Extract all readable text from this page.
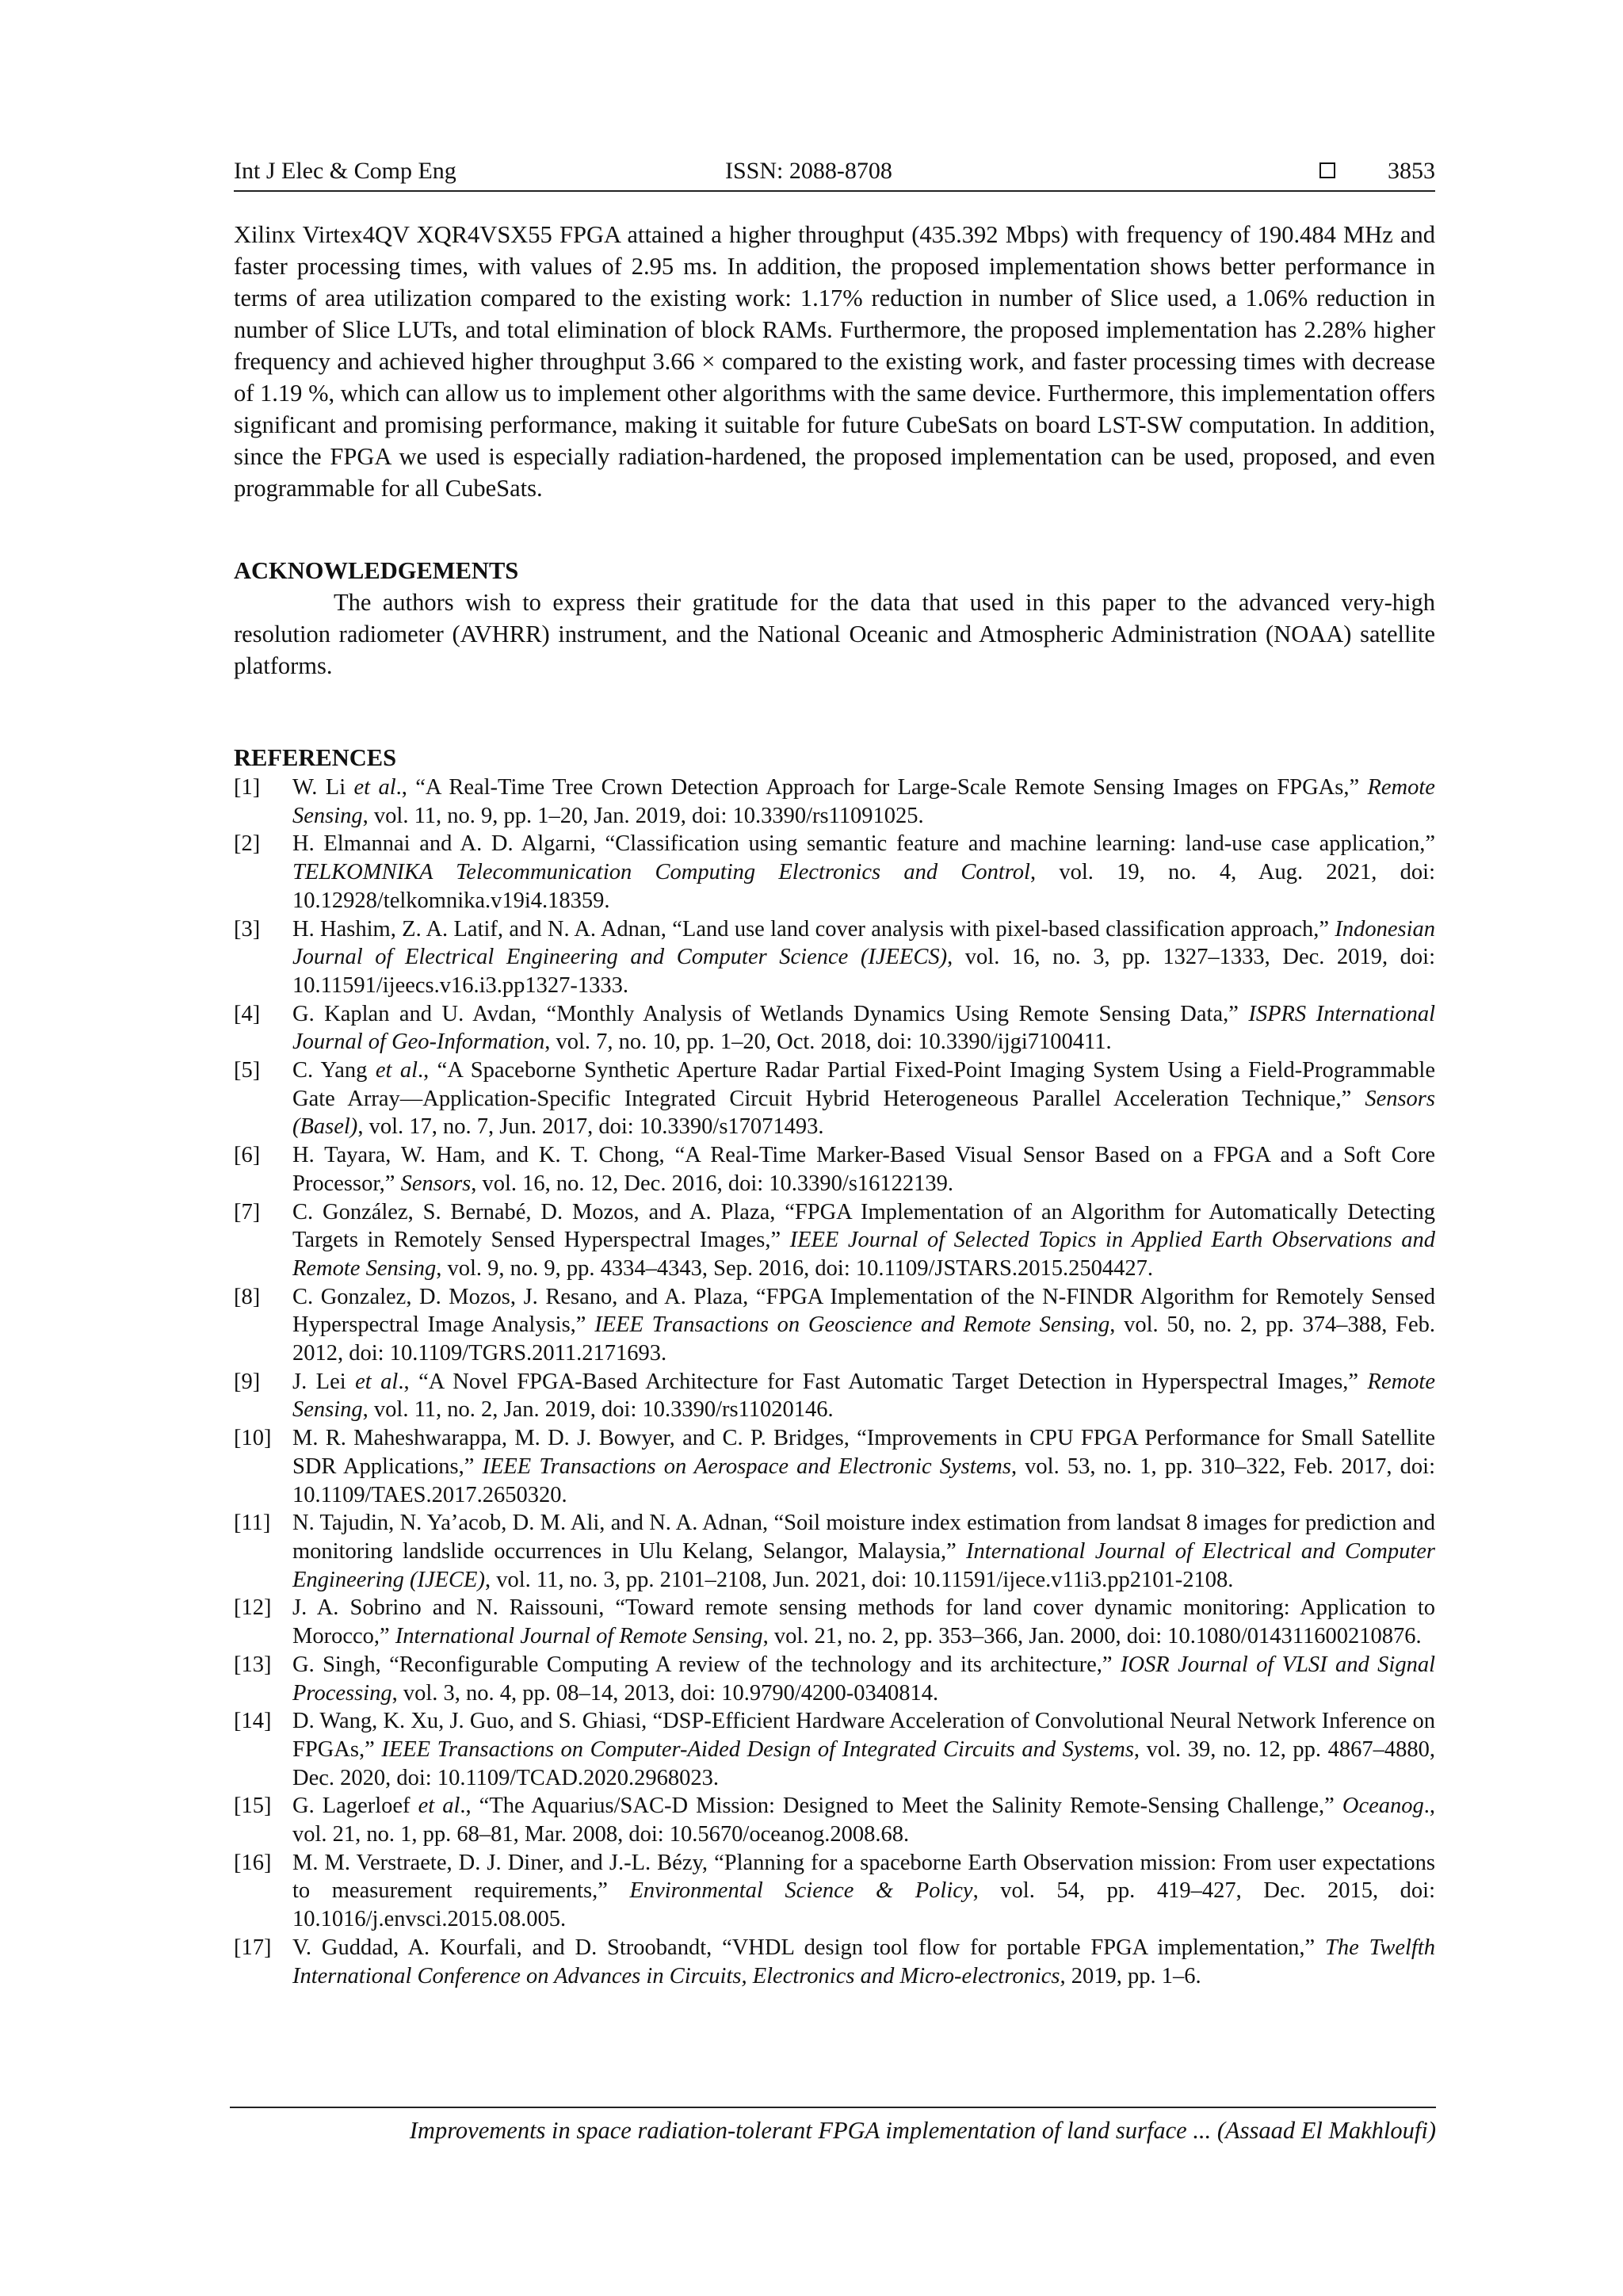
Int J Elec & Comp Eng	ISSN: 2088-8708	3853

Xilinx Virtex4QV XQR4VSX55 FPGA attained a higher throughput (435.392 Mbps) with frequency of 190.484 MHz and faster processing times, with values of 2.95 ms. In addition, the proposed implementation shows better performance in terms of area utilization compared to the existing work: 1.17% reduction in number of Slice used, a 1.06% reduction in number of Slice LUTs, and total elimination of block RAMs. Furthermore, the proposed implementation has 2.28% higher frequency and achieved higher throughput 3.66 × compared to the existing work, and faster processing times with decrease of 1.19 %, which can allow us to implement other algorithms with the same device. Furthermore, this implementation offers significant and promising performance, making it suitable for future CubeSats on board LST-SW computation. In addition, since the FPGA we used is especially radiation-hardened, the proposed implementation can be used, proposed, and even programmable for all CubeSats.

ACKNOWLEDGEMENTS

The authors wish to express their gratitude for the data that used in this paper to the advanced very-high resolution radiometer (AVHRR) instrument, and the National Oceanic and Atmospheric Administration (NOAA) satellite platforms.

REFERENCES
[1]	W. Li et al., “A Real-Time Tree Crown Detection Approach for Large-Scale Remote Sensing Images on FPGAs,” Remote Sensing, vol. 11, no. 9, pp. 1–20, Jan. 2019, doi: 10.3390/rs11091025.
[2]	H. Elmannai and A. D. Algarni, “Classification using semantic feature and machine learning: land-use case application,” TELKOMNIKA Telecommunication Computing Electronics and Control, vol. 19, no. 4, Aug. 2021, doi: 10.12928/telkomnika.v19i4.18359.
[3]	H. Hashim, Z. A. Latif, and N. A. Adnan, “Land use land cover analysis with pixel-based classification approach,” Indonesian Journal of Electrical Engineering and Computer Science (IJEECS), vol. 16, no. 3, pp. 1327–1333, Dec. 2019, doi: 10.11591/ijeecs.v16.i3.pp1327-1333.
[4]	G. Kaplan and U. Avdan, “Monthly Analysis of Wetlands Dynamics Using Remote Sensing Data,” ISPRS International Journal of Geo-Information, vol. 7, no. 10, pp. 1–20, Oct. 2018, doi: 10.3390/ijgi7100411.
[5]	C. Yang et al., “A Spaceborne Synthetic Aperture Radar Partial Fixed-Point Imaging System Using a Field-Programmable Gate Array—Application-Specific Integrated Circuit Hybrid Heterogeneous Parallel Acceleration Technique,” Sensors (Basel), vol. 17, no. 7, Jun. 2017, doi: 10.3390/s17071493.
[6]	H. Tayara, W. Ham, and K. T. Chong, “A Real-Time Marker-Based Visual Sensor Based on a FPGA and a Soft Core Processor,” Sensors, vol. 16, no. 12, Dec. 2016, doi: 10.3390/s16122139.
[7]	C. González, S. Bernabé, D. Mozos, and A. Plaza, “FPGA Implementation of an Algorithm for Automatically Detecting Targets in Remotely Sensed Hyperspectral Images,” IEEE Journal of Selected Topics in Applied Earth Observations and Remote Sensing, vol. 9, no. 9, pp. 4334–4343, Sep. 2016, doi: 10.1109/JSTARS.2015.2504427.
[8]	C. Gonzalez, D. Mozos, J. Resano, and A. Plaza, “FPGA Implementation of the N-FINDR Algorithm for Remotely Sensed Hyperspectral Image Analysis,” IEEE Transactions on Geoscience and Remote Sensing, vol. 50, no. 2, pp. 374–388, Feb. 2012, doi: 10.1109/TGRS.2011.2171693.
[9]	J. Lei et al., “A Novel FPGA-Based Architecture for Fast Automatic Target Detection in Hyperspectral Images,” Remote Sensing, vol. 11, no. 2, Jan. 2019, doi: 10.3390/rs11020146.
[10] M. R. Maheshwarappa, M. D. J. Bowyer, and C. P. Bridges, “Improvements in CPU FPGA Performance for Small Satellite SDR Applications,” IEEE Transactions on Aerospace and Electronic Systems, vol. 53, no. 1, pp. 310–322, Feb. 2017, doi: 10.1109/TAES.2017.2650320.
[11] N. Tajudin, N. Ya’acob, D. M. Ali, and N. A. Adnan, “Soil moisture index estimation from landsat 8 images for prediction and monitoring landslide occurrences in Ulu Kelang, Selangor, Malaysia,” International Journal of Electrical and Computer Engineering (IJECE), vol. 11, no. 3, pp. 2101–2108, Jun. 2021, doi: 10.11591/ijece.v11i3.pp2101-2108.
[12] J. A. Sobrino and N. Raissouni, “Toward remote sensing methods for land cover dynamic monitoring: Application to Morocco,” International Journal of Remote Sensing, vol. 21, no. 2, pp. 353–366, Jan. 2000, doi: 10.1080/014311600210876.
[13] G. Singh, “Reconfigurable Computing A review of the technology and its architecture,” IOSR Journal of VLSI and Signal Processing, vol. 3, no. 4, pp. 08–14, 2013, doi: 10.9790/4200-0340814.
[14] D. Wang, K. Xu, J. Guo, and S. Ghiasi, “DSP-Efficient Hardware Acceleration of Convolutional Neural Network Inference on FPGAs,” IEEE Transactions on Computer-Aided Design of Integrated Circuits and Systems, vol. 39, no. 12, pp. 4867–4880, Dec. 2020, doi: 10.1109/TCAD.2020.2968023.
[15] G. Lagerloef et al., “The Aquarius/SAC-D Mission: Designed to Meet the Salinity Remote-Sensing Challenge,” Oceanog., vol. 21, no. 1, pp. 68–81, Mar. 2008, doi: 10.5670/oceanog.2008.68.
[16] M. M. Verstraete, D. J. Diner, and J.-L. Bézy, “Planning for a spaceborne Earth Observation mission: From user expectations to measurement requirements,” Environmental Science & Policy, vol. 54, pp. 419–427, Dec. 2015, doi: 10.1016/j.envsci.2015.08.005.
[17] V. Guddad, A. Kourfali, and D. Stroobandt, “VHDL design tool flow for portable FPGA implementation,” The Twelfth International Conference on Advances in Circuits, Electronics and Micro-electronics, 2019, pp. 1–6.
Improvements in space radiation-tolerant FPGA implementation of land surface ... (Assaad El Makhloufi)
